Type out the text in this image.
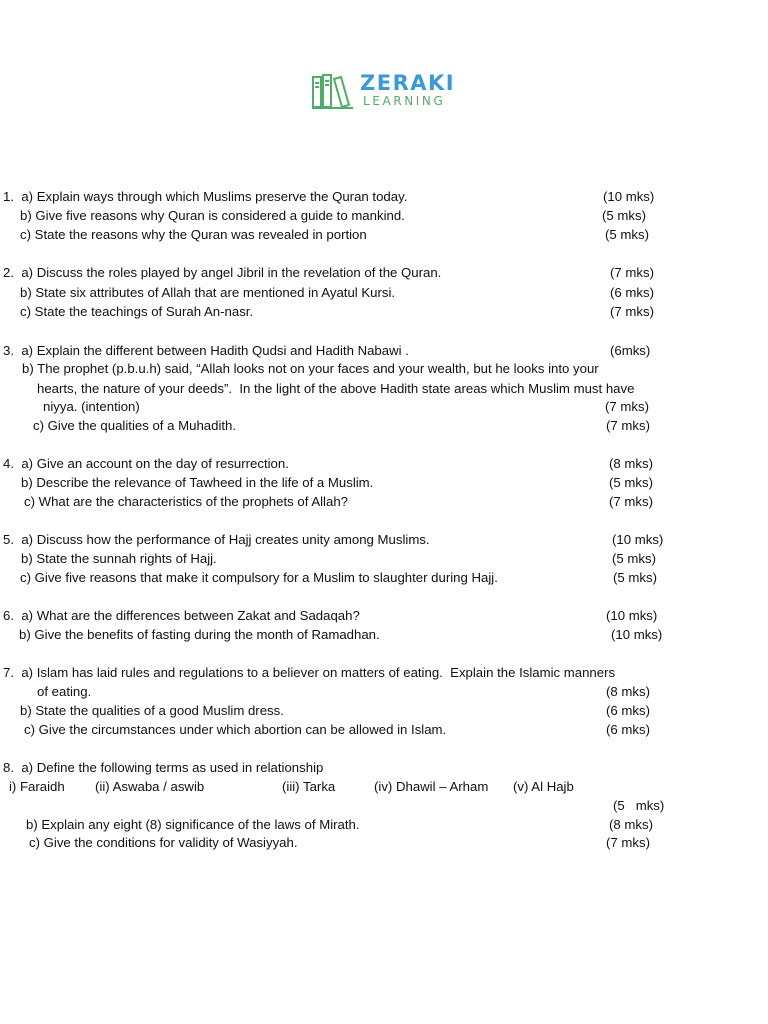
ZERAKI
LEARNING
1.  a) Explain ways through which Muslims preserve the Quran today.	(10 mks)
b) Give five reasons why Quran is considered a guide to mankind.	(5 mks)
c) State the reasons why the Quran was revealed in portion	(5 mks)
2.  a) Discuss the roles played by angel Jibril in the revelation of the Quran.	(7 mks)
b) State six attributes of Allah that are mentioned in Ayatul Kursi.	(6 mks)
c) State the teachings of Surah An-nasr.	(7 mks)
3.  a) Explain the different between Hadith Qudsi and Hadith Nabawi .	(6mks)
b) The prophet (p.b.u.h) said, “Allah looks not on your faces and your wealth, but he looks into your
hearts, the nature of your deeds”.  In the light of the above Hadith state areas which Muslim must have
niyya. (intention)	(7 mks)
c) Give the qualities of a Muhadith.	(7 mks)
4.  a) Give an account on the day of resurrection.	(8 mks)
b) Describe the relevance of Tawheed in the life of a Muslim.	(5 mks)
c) What are the characteristics of the prophets of Allah?	(7 mks)
5.  a) Discuss how the performance of Hajj creates unity among Muslims.	(10 mks)
b) State the sunnah rights of Hajj.	(5 mks)
c) Give five reasons that make it compulsory for a Muslim to slaughter during Hajj.	(5 mks)
6.  a) What are the differences between Zakat and Sadaqah?	(10 mks)
b) Give the benefits of fasting during the month of Ramadhan.	(10 mks)
7.  a) Islam has laid rules and regulations to a believer on matters of eating.  Explain the Islamic manners
of eating.	(8 mks)
b) State the qualities of a good Muslim dress.	(6 mks)
c) Give the circumstances under which abortion can be allowed in Islam.	(6 mks)
8.  a) Define the following terms as used in relationship
i) Faraidh (ii) Aswaba / aswib	(iii) Tarka	(iv) Dhawil – Arham (v) Al Hajb
(5   mks)
b) Explain any eight (8) significance of the laws of Mirath.	(8 mks)
c) Give the conditions for validity of Wasiyyah.	(7 mks)
